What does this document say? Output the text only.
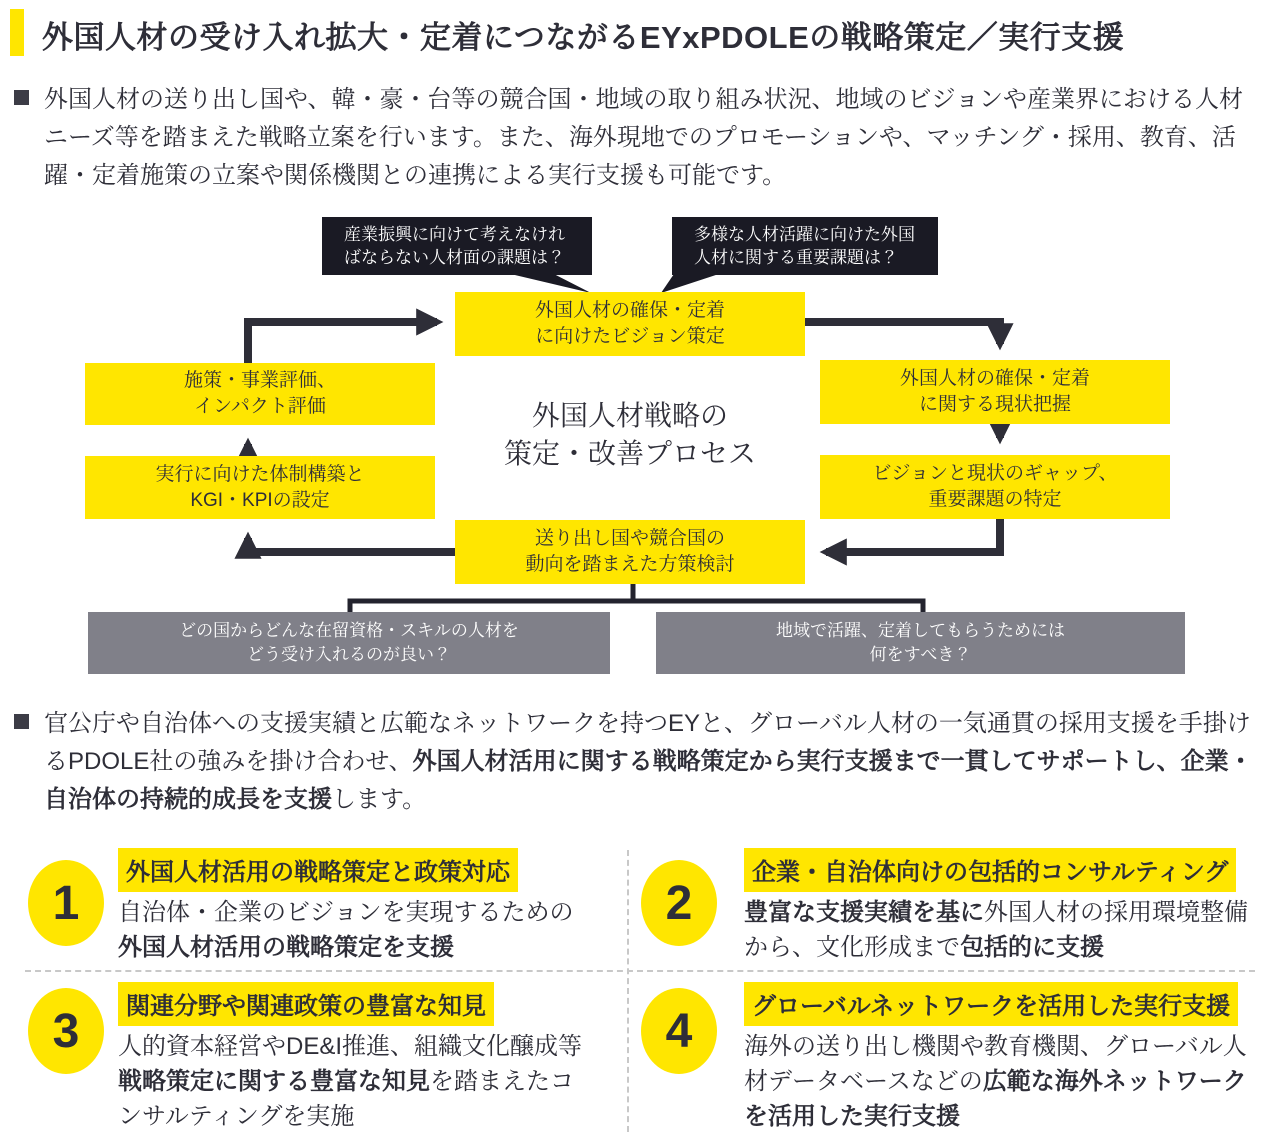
外国人材の受け入れ拡大・定着につながるEYxPDOLEの戦略策定／実行支援

外国人材の送り出し国や、韓・豪・台等の競合国・地域の取り組み状況、地域のビジョンや産業界における人材ニーズ等を踏まえた戦略立案を行います。また、海外現地でのプロモーションや、マッチング・採用、教育、活躍・定着施策の立案や関係機関との連携による実行支援も可能です。

産業振興に向けて考えなけれ
ばならない人材面の課題は？
多様な人材活躍に向けた外国
人材に関する重要課題は？
外国人材の確保・定着
に向けたビジョン策定
外国人材の確保・定着
に関する現状把握
ビジョンと現状のギャップ、
重要課題の特定
送り出し国や競合国の
動向を踏まえた方策検討
実行に向けた体制構築と
KGI・KPIの設定
施策・事業評価、
インパクト評価	外国人材戦略の
策定・改善プロセス
どの国からどんな在留資格・スキルの人材を
どう受け入れるのが良い？
地域で活躍、定着してもらうためには
何をすべき？

官公庁や自治体への支援実績と広範なネットワークを持つEYと、グローバル人材の一気通貫の採用支援を手掛けるPDOLE社の強みを掛け合わせ、外国人材活用に関する戦略策定から実行支援まで一貫してサポートし、企業・自治体の持続的成長を支援します。

1
外国人材活用の戦略策定と政策対応
自治体・企業のビジョンを実現するための
外国人材活用の戦略策定を支援
2
企業・自治体向けの包括的コンサルティング
豊富な支援実績を基に外国人材の採用環境整備から、文化形成まで包括的に支援
3	関連分野や関連政策の豊富な知見
人的資本経営やDE&I推進、組織文化醸成等
戦略策定に関する豊富な知見を踏まえたコンサルティングを実施
4	グローバルネットワークを活用した実行支援
海外の送り出し機関や教育機関、グローバル人材データベースなどの広範な海外ネットワークを活用した実行支援
